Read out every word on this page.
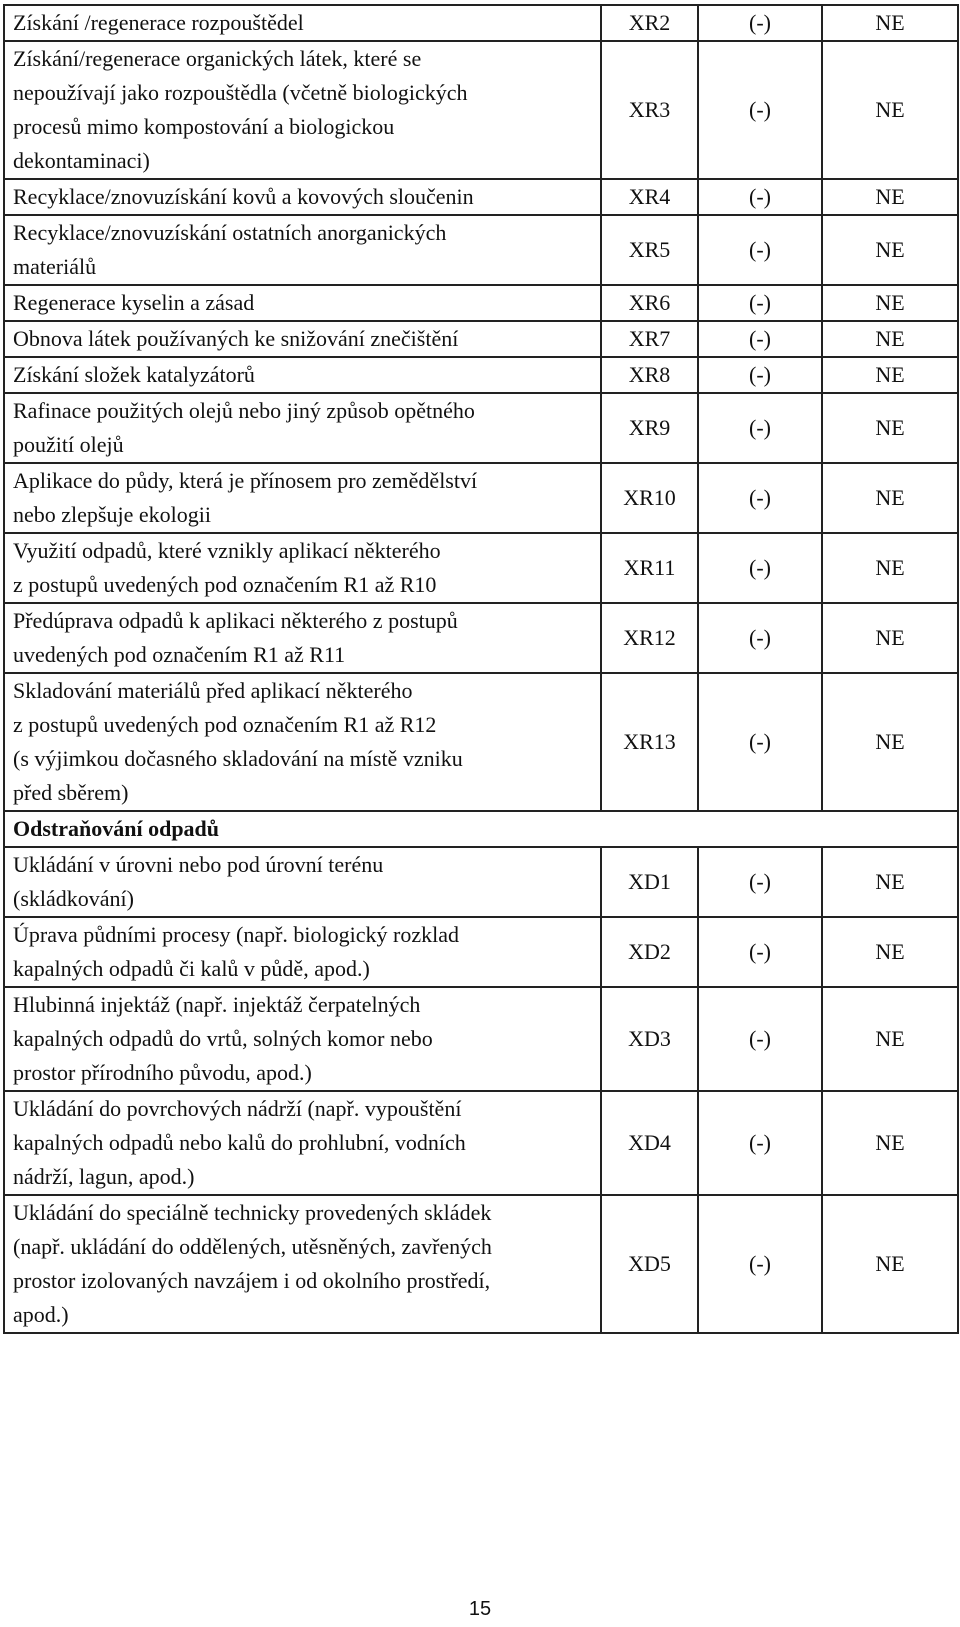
Získání /regenerace rozpouštědel	XR2	(-)	NE
Získání/regenerace organických látek, které se
nepoužívají jako rozpouštědla (včetně biologických
procesů mimo kompostování a biologickou
dekontaminaci)	XR3	(-)	NE
Recyklace/znovuzískání kovů a kovových sloučenin	XR4	(-)	NE
Recyklace/znovuzískání ostatních anorganických
materiálů	XR5	(-)	NE
Regenerace kyselin a zásad	XR6	(-)	NE
Obnova látek používaných ke snižování znečištění	XR7	(-)	NE
Získání složek katalyzátorů	XR8	(-)	NE
Rafinace použitých olejů nebo jiný způsob opětného
použití olejů	XR9	(-)	NE
Aplikace do půdy, která je přínosem pro zemědělství
nebo zlepšuje ekologii	XR10	(-)	NE
Využití odpadů, které vznikly aplikací některého
z postupů uvedených pod označením R1 až R10	XR11	(-)	NE
Předúprava odpadů k aplikaci některého z postupů
uvedených pod označením R1 až R11	XR12	(-)	NE
Skladování materiálů před aplikací některého
z postupů uvedených pod označením R1 až R12
(s výjimkou dočasného skladování na místě vzniku
před sběrem)	XR13	(-)	NE
Odstraňování odpadů			
Ukládání v úrovni nebo pod úrovní terénu
(skládkování)	XD1	(-)	NE
Úprava půdními procesy (např. biologický rozklad
kapalných odpadů či kalů v půdě, apod.)	XD2	(-)	NE
Hlubinná injektáž (např. injektáž čerpatelných
kapalných odpadů do vrtů, solných komor nebo
prostor přírodního původu, apod.)	XD3	(-)	NE
Ukládání do povrchových nádrží (např. vypouštění
kapalných odpadů nebo kalů do prohlubní, vodních
nádrží, lagun, apod.)	XD4	(-)	NE
Ukládání do speciálně technicky provedených skládek
(např. ukládání do oddělených, utěsněných, zavřených
prostor izolovaných navzájem i od okolního prostředí,
apod.)	XD5	(-)	NE
15
